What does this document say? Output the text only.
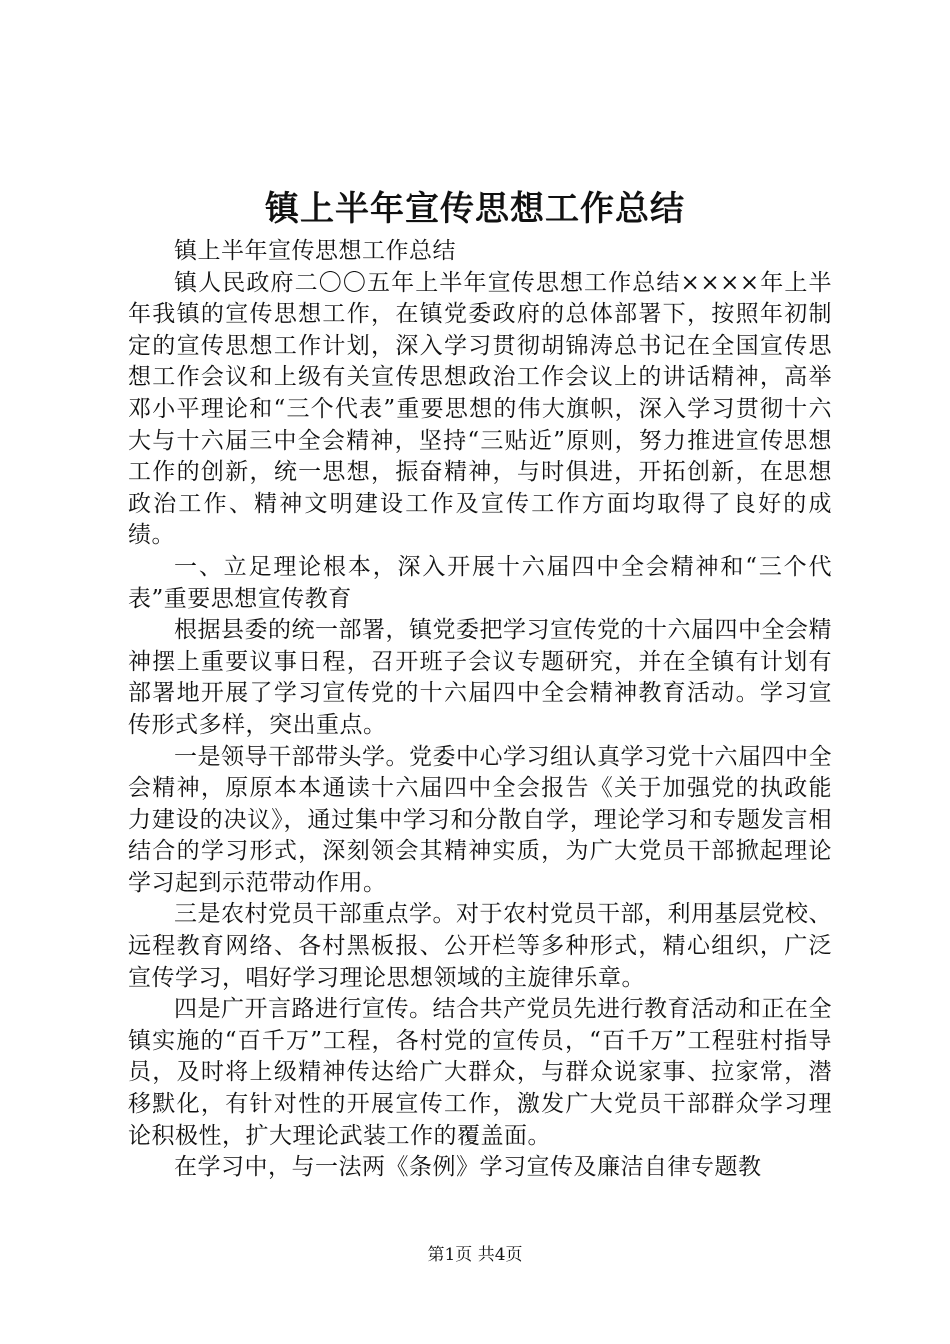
镇上半年宣传思想工作总结

镇上半年宣传思想工作总结

镇人民政府二〇〇五年上半年宣传思想工作总结××××年上半年我镇的宣传思想工作，在镇党委政府的总体部署下，按照年初制定的宣传思想工作计划，深入学习贯彻胡锦涛总书记在全国宣传思想工作会议和上级有关宣传思想政治工作会议上的讲话精神，高举邓小平理论和“三个代表”重要思想的伟大旗帜，深入学习贯彻十六大与十六届三中全会精神，坚持“三贴近”原则，努力推进宣传思想工作的创新，统一思想，振奋精神，与时俱进，开拓创新，在思想政治工作、精神文明建设工作及宣传工作方面均取得了良好的成绩。

一、立足理论根本，深入开展十六届四中全会精神和“三个代表”重要思想宣传教育

根据县委的统一部署，镇党委把学习宣传党的十六届四中全会精神摆上重要议事日程，召开班子会议专题研究，并在全镇有计划有部署地开展了学习宣传党的十六届四中全会精神教育活动。学习宣传形式多样，突出重点。

一是领导干部带头学。党委中心学习组认真学习党十六届四中全会精神，原原本本通读十六届四中全会报告《关于加强党的执政能力建设的决议》，通过集中学习和分散自学，理论学习和专题发言相结合的学习形式，深刻领会其精神实质，为广大党员干部掀起理论学习起到示范带动作用。

三是农村党员干部重点学。对于农村党员干部，利用基层党校、远程教育网络、各村黑板报、公开栏等多种形式，精心组织，广泛宣传学习，唱好学习理论思想领域的主旋律乐章。

四是广开言路进行宣传。结合共产党员先进行教育活动和正在全镇实施的“百千万”工程，各村党的宣传员，“百千万”工程驻村指导员，及时将上级精神传达给广大群众，与群众说家事、拉家常，潜移默化，有针对性的开展宣传工作，激发广大党员干部群众学习理论积极性，扩大理论武装工作的覆盖面。

在学习中，与一法两《条例》学习宣传及廉洁自律专题教

第1页 共4页
